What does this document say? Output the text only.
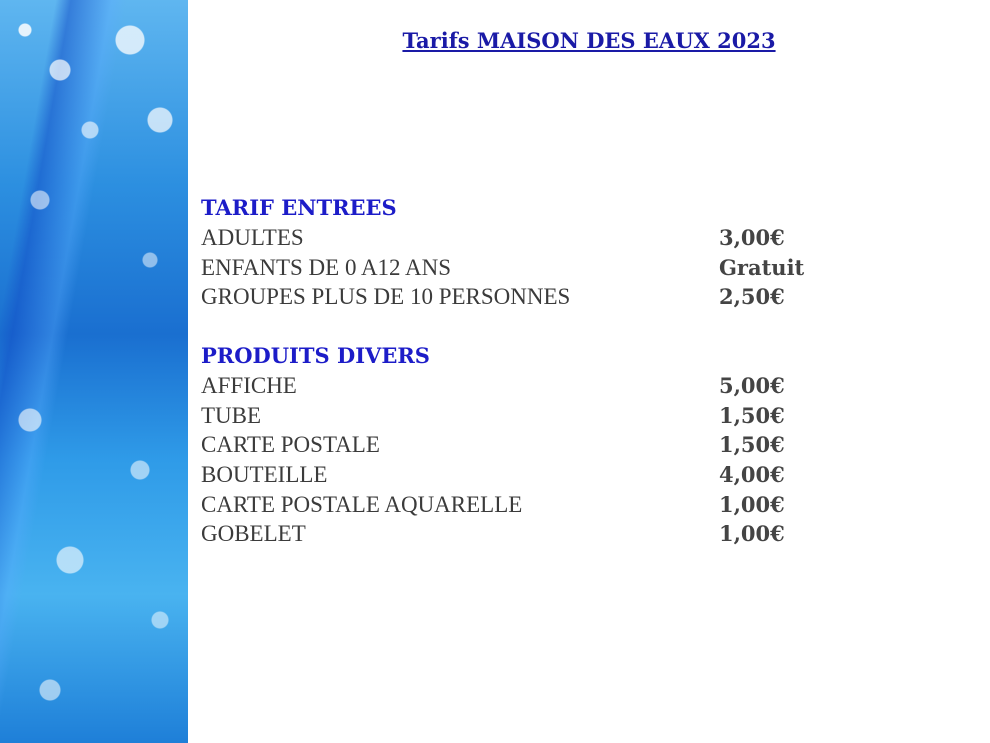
Tarifs MAISON DES EAUX 2023
TARIF ENTREES
ADULTES	3,00€
ENFANTS DE 0 A12 ANS	Gratuit
GROUPES PLUS DE 10 PERSONNES	2,50€
PRODUITS DIVERS
AFFICHE	5,00€
TUBE	1,50€
CARTE POSTALE	1,50€
BOUTEILLE	4,00€
CARTE POSTALE AQUARELLE	1,00€
GOBELET	1,00€
